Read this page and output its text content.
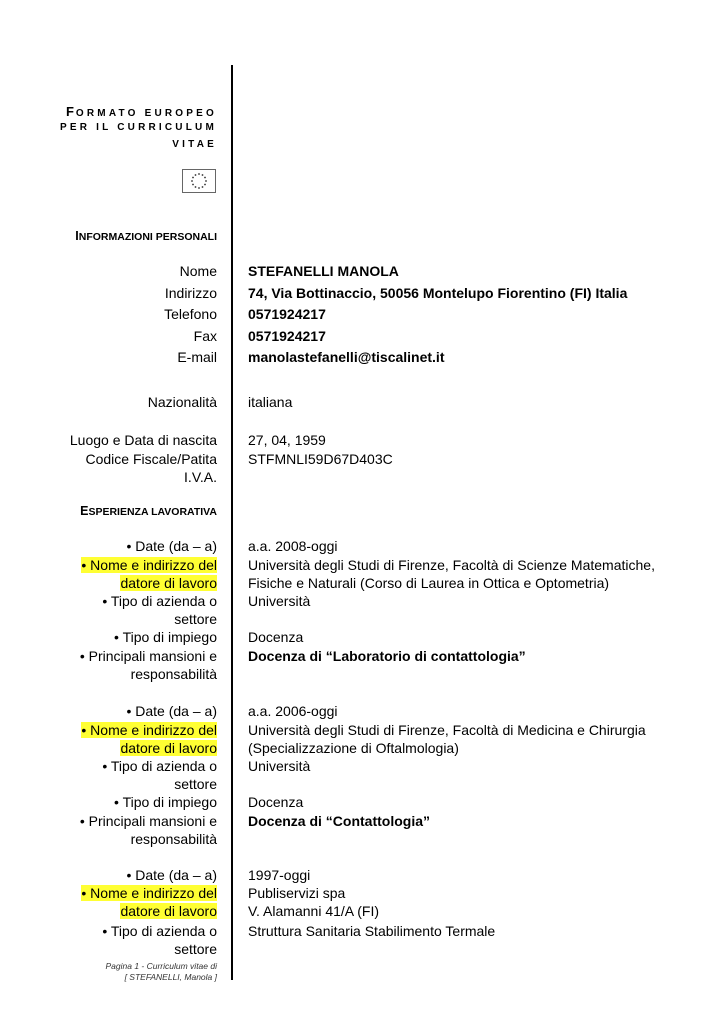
FORMATO EUROPEO
PER IL CURRICULUM
VITAE
INFORMAZIONI PERSONALI
Nome STEFANELLI MANOLA
Indirizzo 74, Via Bottinaccio, 50056 Montelupo Fiorentino (FI) Italia
Telefono 0571924217
Fax 0571924217
E-mail manolastefanelli@tiscalinet.it
Nazionalità italiana
Luogo e Data di nascita 27, 04, 1959
Codice Fiscale/Patita I.V.A.
STFMNLI59D67D403C
ESPERIENZA LAVORATIVA
• Date (da – a) a.a. 2008-oggi
• Nome e indirizzo del datore di lavoro
Università degli Studi di Firenze, Facoltà di Scienze Matematiche, Fisiche e Naturali (Corso di Laurea in Ottica e Optometria)
• Tipo di azienda o settore
Università
• Tipo di impiego Docenza
• Principali mansioni e responsabilità
Docenza di “Laboratorio di contattologia”
• Date (da – a) a.a. 2006-oggi
• Nome e indirizzo del datore di lavoro
Università degli Studi di Firenze, Facoltà di Medicina e Chirurgia (Specializzazione di Oftalmologia)
• Tipo di azienda o settore
Università
• Tipo di impiego Docenza
• Principali mansioni e responsabilità
Docenza di “Contattologia”
• Date (da – a) 1997-oggi
• Nome e indirizzo del datore di lavoro
Publiservizi spa
V. Alamanni 41/A (FI)
• Tipo di azienda o settore
Struttura Sanitaria Stabilimento Termale
Pagina 1 - Curriculum vitae di
[ STEFANELLI, Manola ]
